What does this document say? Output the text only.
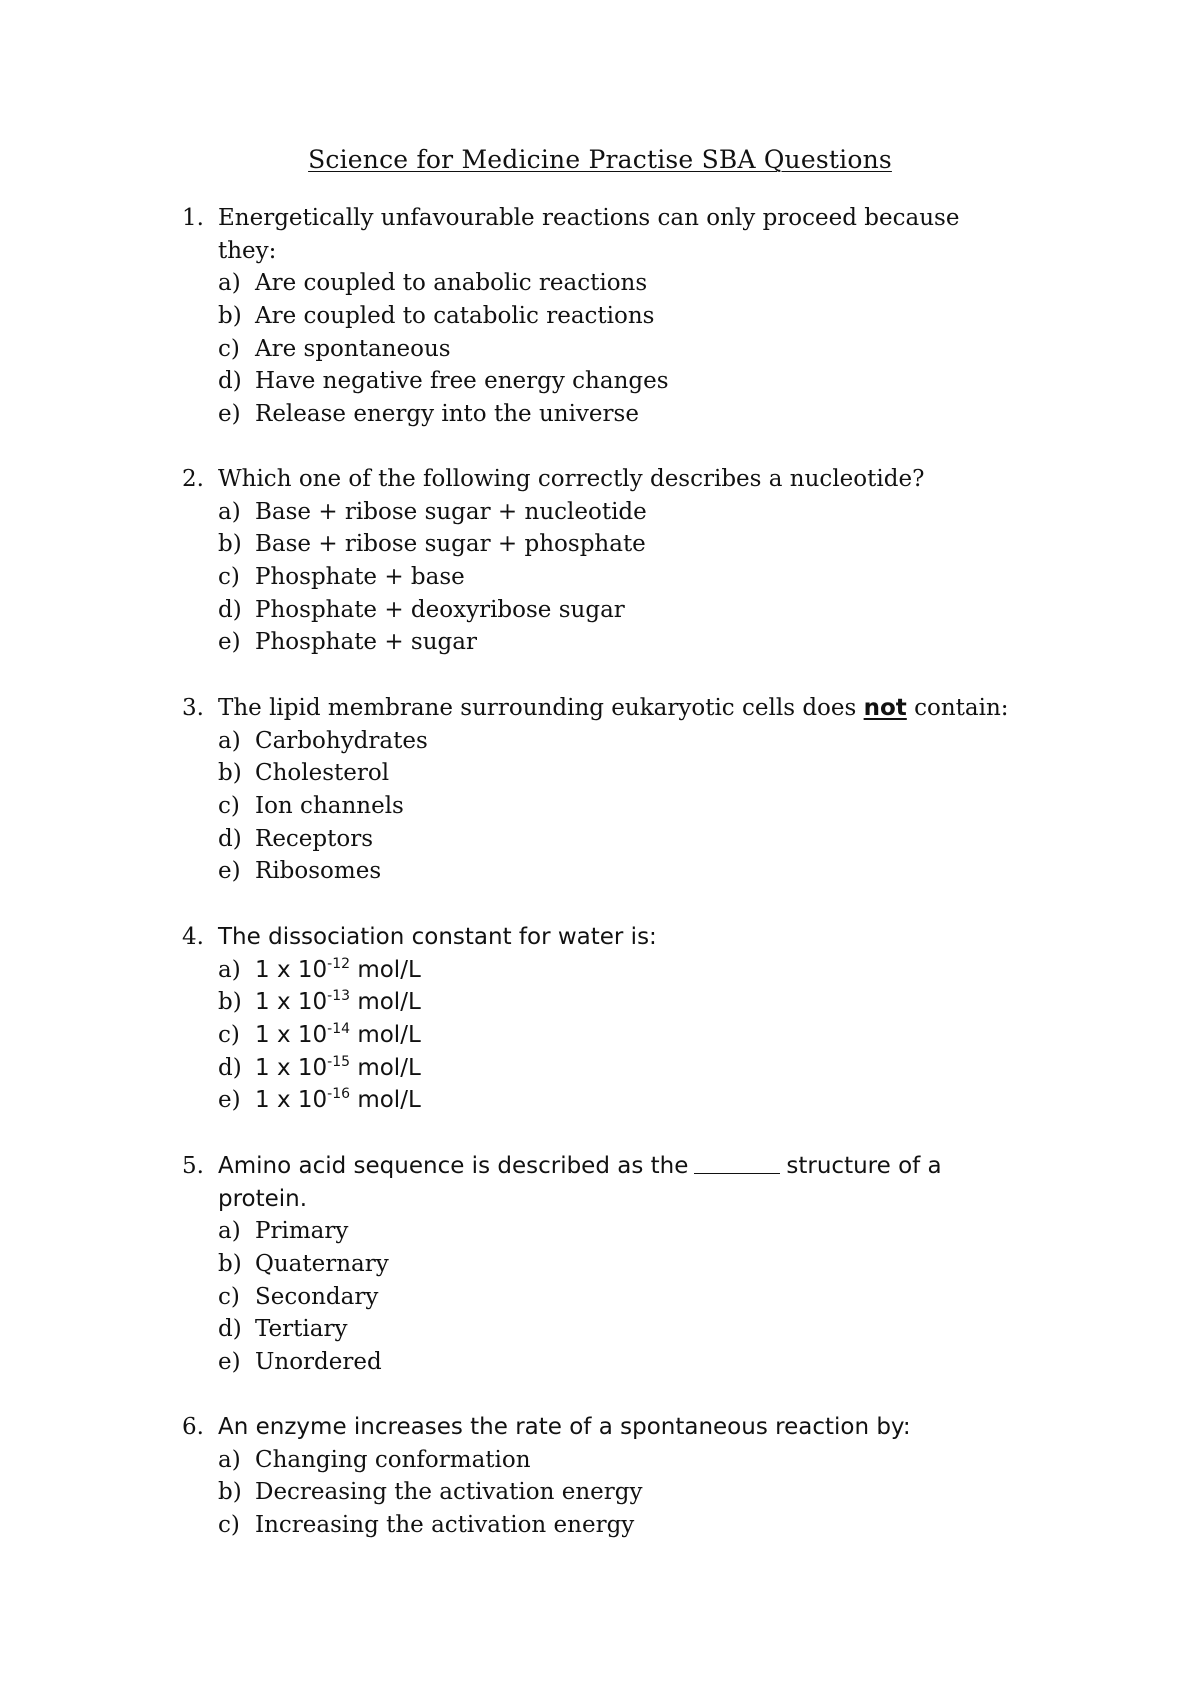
Science for Medicine Practise SBA Questions
1. Energetically unfavourable reactions can only proceed because
they:
a) Are coupled to anabolic reactions
b) Are coupled to catabolic reactions
c) Are spontaneous
d) Have negative free energy changes
e) Release energy into the universe
2. Which one of the following correctly describes a nucleotide?
a) Base + ribose sugar + nucleotide
b) Base + ribose sugar + phosphate
c) Phosphate + base
d) Phosphate + deoxyribose sugar
e) Phosphate + sugar
3. The lipid membrane surrounding eukaryotic cells does not contain:
a) Carbohydrates
b) Cholesterol
c) Ion channels
d) Receptors
e) Ribosomes
4. The dissociation constant for water is:
a) 1 x $10^{-12}$ mol/L
b) 1 x $10^{-13}$ mol/L
c) 1 x $10^{-14}$ mol/L
d) 1 x $10^{-15}$ mol/L
e) 1 x $10^{-16}$ mol/L
5. Amino acid sequence is described as the	structure of a
protein.
a) Primary
b) Quaternary
c) Secondary
d) Tertiary
e) Unordered
6. An enzyme increases the rate of a spontaneous reaction by:
a) Changing conformation
b) Decreasing the activation energy
c) Increasing the activation energy
